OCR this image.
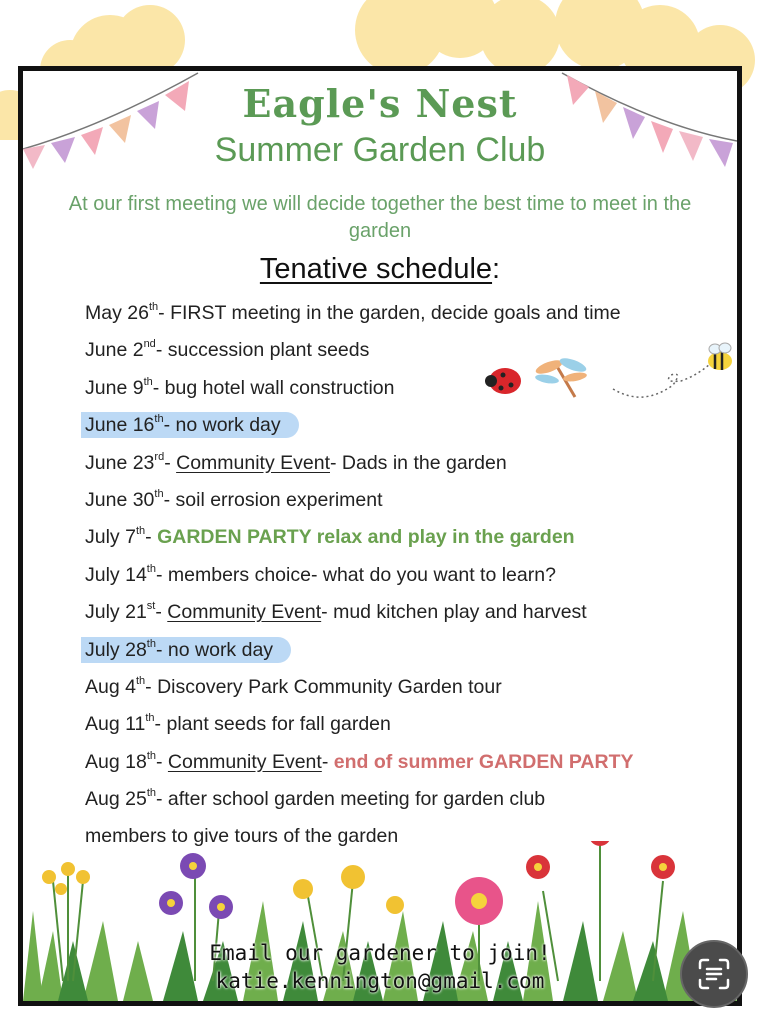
Eagle's Nest
Summer Garden Club
At our first meeting we will decide together the best time to meet in the garden
Tenative schedule:
May 26th- FIRST meeting in the garden, decide goals and time
June 2nd- succession plant seeds
June 9th- bug hotel wall construction
June 16th- no work day
June 23rd- Community Event- Dads in the garden
June 30th- soil errosion experiment
July 7th- GARDEN PARTY relax and play in the garden
July 14th- members choice- what do you want to learn?
July 21st- Community Event- mud kitchen play and harvest
July 28th- no work day
Aug 4th- Discovery Park Community Garden tour
Aug 11th- plant seeds for fall garden
Aug 18th- Community Event- end of summer GARDEN PARTY
Aug 25th- after school garden meeting for garden club
members to give tours of the garden
Email our gardener to join!
katie.kennington@gmail.com
